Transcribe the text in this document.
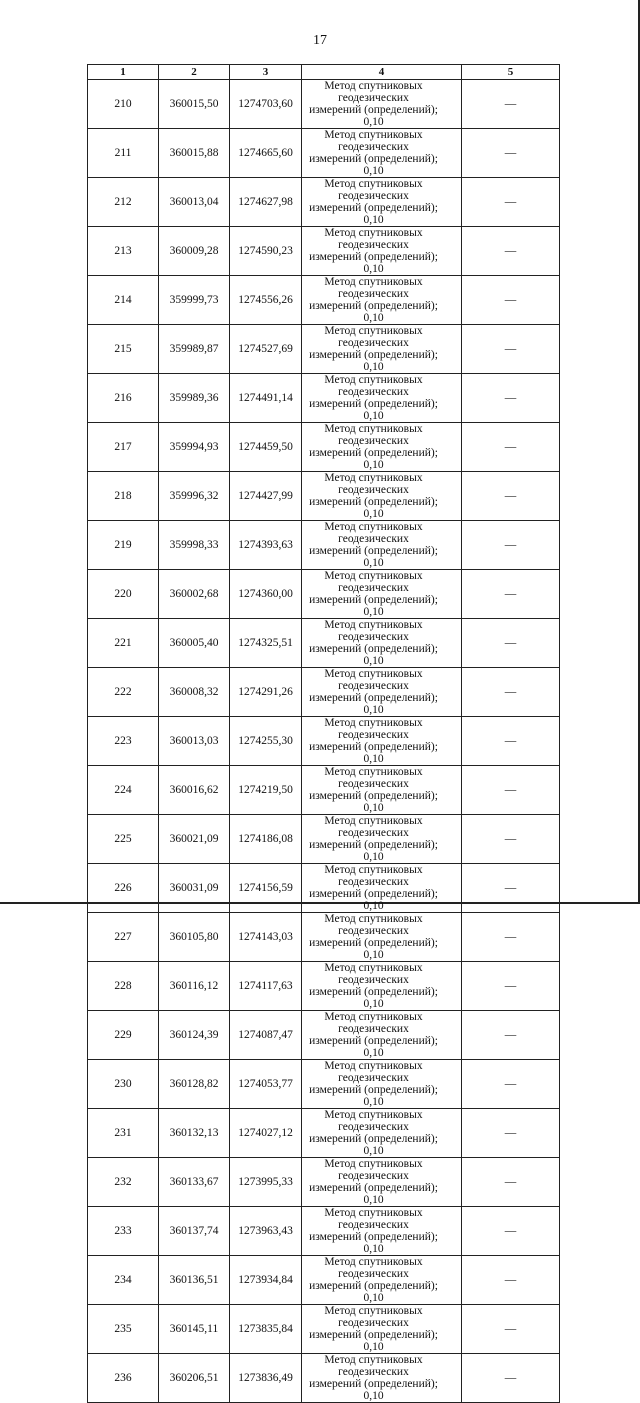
17
1	2	3	4	5
210	360015,50	1274703,60	Метод спутниковых геодезических
измерений (определений); 0,10	—
211	360015,88	1274665,60	Метод спутниковых геодезических
измерений (определений); 0,10	—
212	360013,04	1274627,98	Метод спутниковых геодезических
измерений (определений); 0,10	—
213	360009,28	1274590,23	Метод спутниковых геодезических
измерений (определений); 0,10	—
214	359999,73	1274556,26	Метод спутниковых геодезических
измерений (определений); 0,10	—
215	359989,87	1274527,69	Метод спутниковых геодезических
измерений (определений); 0,10	—
216	359989,36	1274491,14	Метод спутниковых геодезических
измерений (определений); 0,10	—
217	359994,93	1274459,50	Метод спутниковых геодезических
измерений (определений); 0,10	—
218	359996,32	1274427,99	Метод спутниковых геодезических
измерений (определений); 0,10	—
219	359998,33	1274393,63	Метод спутниковых геодезических
измерений (определений); 0,10	—
220	360002,68	1274360,00	Метод спутниковых геодезических
измерений (определений); 0,10	—
221	360005,40	1274325,51	Метод спутниковых геодезических
измерений (определений); 0,10	—
222	360008,32	1274291,26	Метод спутниковых геодезических
измерений (определений); 0,10	—
223	360013,03	1274255,30	Метод спутниковых геодезических
измерений (определений); 0,10	—
224	360016,62	1274219,50	Метод спутниковых геодезических
измерений (определений); 0,10	—
225	360021,09	1274186,08	Метод спутниковых геодезических
измерений (определений); 0,10	—
226	360031,09	1274156,59	Метод спутниковых геодезических
измерений (определений); 0,10	—
227	360105,80	1274143,03	Метод спутниковых геодезических
измерений (определений); 0,10	—
228	360116,12	1274117,63	Метод спутниковых геодезических
измерений (определений); 0,10	—
229	360124,39	1274087,47	Метод спутниковых геодезических
измерений (определений); 0,10	—
230	360128,82	1274053,77	Метод спутниковых геодезических
измерений (определений); 0,10	—
231	360132,13	1274027,12	Метод спутниковых геодезических
измерений (определений); 0,10	—
232	360133,67	1273995,33	Метод спутниковых геодезических
измерений (определений); 0,10	—
233	360137,74	1273963,43	Метод спутниковых геодезических
измерений (определений); 0,10	—
234	360136,51	1273934,84	Метод спутниковых геодезических
измерений (определений); 0,10	—
235	360145,11	1273835,84	Метод спутниковых геодезических
измерений (определений); 0,10	—
236	360206,51	1273836,49	Метод спутниковых геодезических
измерений (определений); 0,10	—
